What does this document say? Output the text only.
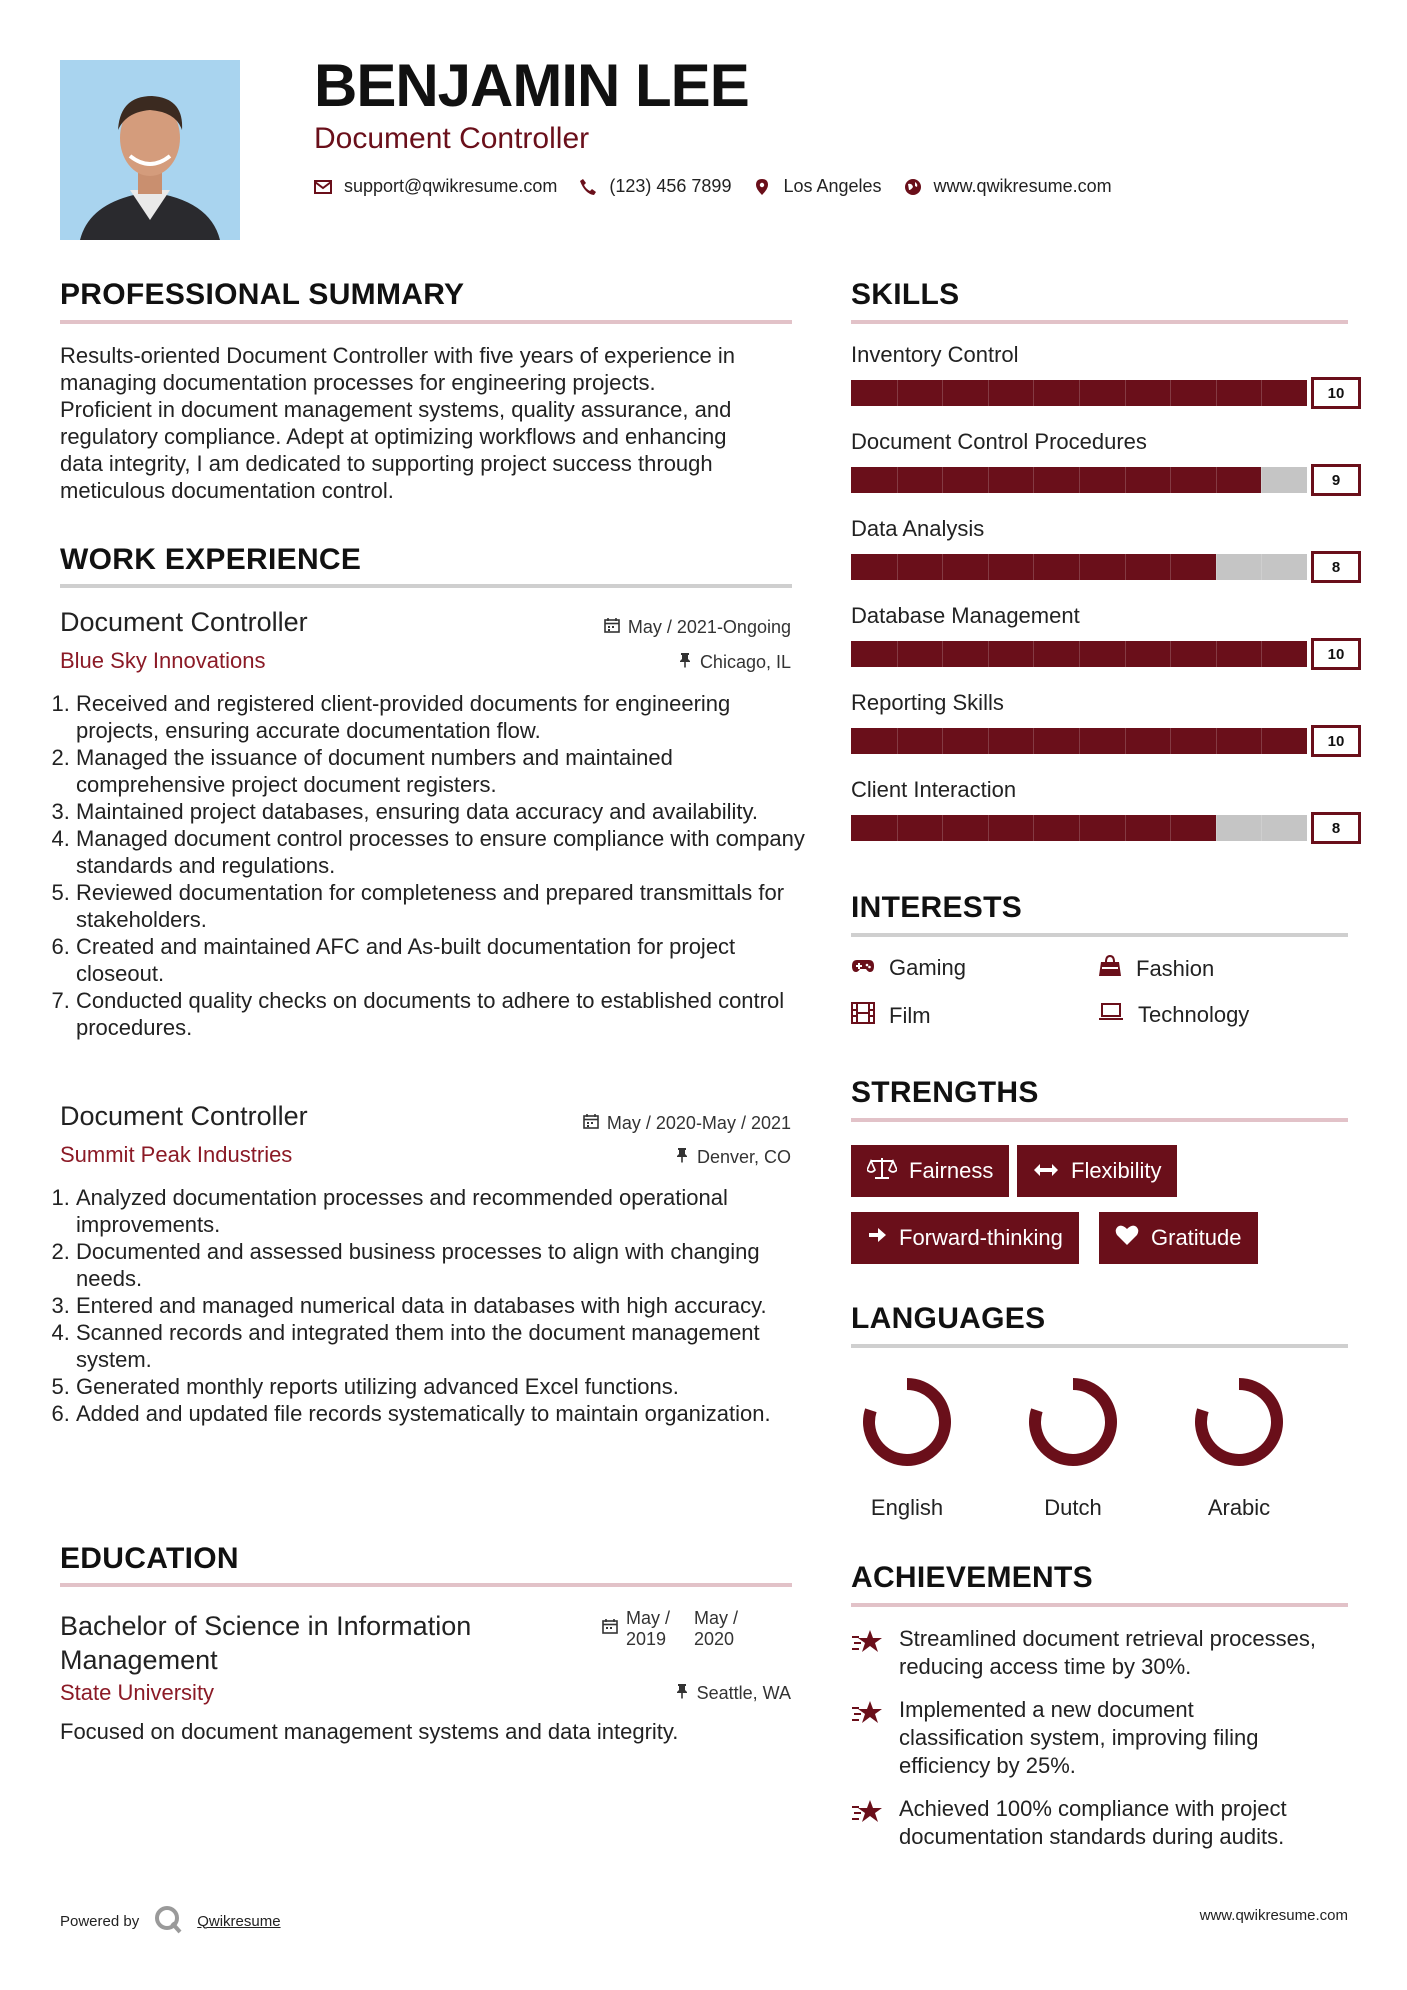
BENJAMIN LEE
Document Controller
support@qwikresume.com	(123) 456 7899	Los Angeles	www.qwikresume.com
PROFESSIONAL SUMMARY
Results-oriented Document Controller with five years of experience in
managing documentation processes for engineering projects.
Proficient in document management systems, quality assurance, and
regulatory compliance. Adept at optimizing workflows and enhancing
data integrity, I am dedicated to supporting project success through
meticulous documentation control.
WORK EXPERIENCE
Document Controller	May / 2021-Ongoing
Blue Sky Innovations	Chicago, IL
1. Received and registered client-provided documents for engineering projects, ensuring accurate documentation flow.
2. Managed the issuance of document numbers and maintained comprehensive project document registers.
3. Maintained project databases, ensuring data accuracy and availability.
4. Managed document control processes to ensure compliance with company standards and regulations.
5. Reviewed documentation for completeness and prepared transmittals for stakeholders.
6. Created and maintained AFC and As-built documentation for project closeout.
7. Conducted quality checks on documents to adhere to established control procedures.
Document Controller	May / 2020-May / 2021
Summit Peak Industries	Denver, CO
1. Analyzed documentation processes and recommended operational improvements.
2. Documented and assessed business processes to align with changing needs.
3. Entered and managed numerical data in databases with high accuracy.
4. Scanned records and integrated them into the document management system.
5. Generated monthly reports utilizing advanced Excel functions.
6. Added and updated file records systematically to maintain organization.
EDUCATION
Bachelor of Science in Information
Management
May /
2019
May /
2020
State University	Seattle, WA
Focused on document management systems and data integrity.
SKILLS
Inventory Control
10
Document Control Procedures
9
Data Analysis
8
Database Management
10
Reporting Skills
10
Client Interaction
8
INTERESTS
Gaming	Fashion
Film	Technology
STRENGTHS
Fairness	Flexibility
Forward-thinking	Gratitude
LANGUAGES
English	Dutch	Arabic
ACHIEVEMENTS
Streamlined document retrieval processes,
reducing access time by 30%.
Implemented a new document
classification system, improving filing
efficiency by 25%.
Achieved 100% compliance with project
documentation standards during audits.
Powered by	Qwikresume	www.qwikresume.com
